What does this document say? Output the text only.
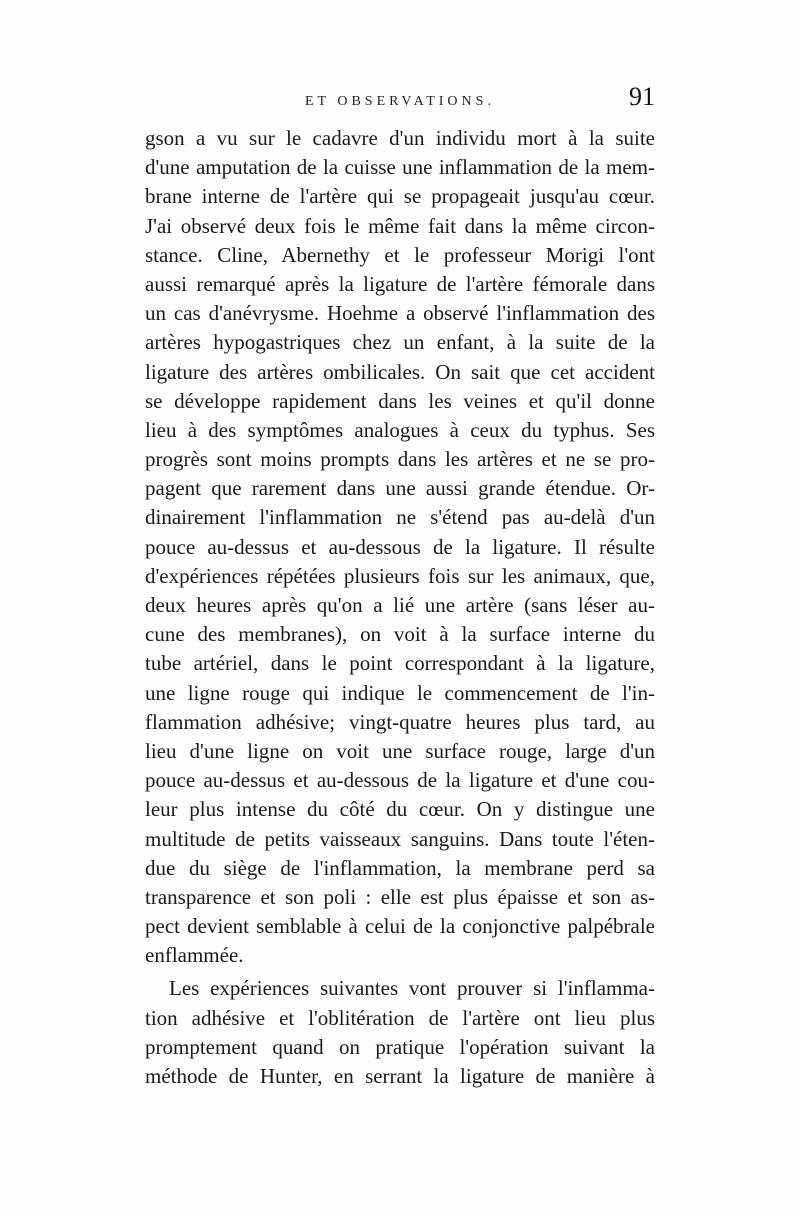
ET OBSERVATIONS.	91

gson a vu sur le cadavre d'un individu mort à la suite
d'une amputation de la cuisse une inflammation de la mem-
brane interne de l'artère qui se propageait jusqu'au cœur.
J'ai observé deux fois le même fait dans la même circon-
stance. Cline, Abernethy et le professeur Morigi l'ont
aussi remarqué après la ligature de l'artère fémorale dans
un cas d'anévrysme. Hoehme a observé l'inflammation des
artères hypogastriques chez un enfant, à la suite de la
ligature des artères ombilicales. On sait que cet accident
se développe rapidement dans les veines et qu'il donne
lieu à des symptômes analogues à ceux du typhus. Ses
progrès sont moins prompts dans les artères et ne se pro-
pagent que rarement dans une aussi grande étendue. Or-
dinairement l'inflammation ne s'étend pas au-delà d'un
pouce au-dessus et au-dessous de la ligature. Il résulte
d'expériences répétées plusieurs fois sur les animaux, que,
deux heures après qu'on a lié une artère (sans léser au-
cune des membranes), on voit à la surface interne du
tube artériel, dans le point correspondant à la ligature,
une ligne rouge qui indique le commencement de l'in-
flammation adhésive; vingt-quatre heures plus tard, au
lieu d'une ligne on voit une surface rouge, large d'un
pouce au-dessus et au-dessous de la ligature et d'une cou-
leur plus intense du côté du cœur. On y distingue une
multitude de petits vaisseaux sanguins. Dans toute l'éten-
due du siège de l'inflammation, la membrane perd sa
transparence et son poli : elle est plus épaisse et son as-
pect devient semblable à celui de la conjonctive palpébrale
enflammée.

Les expériences suivantes vont prouver si l'inflamma-
tion adhésive et l'oblitération de l'artère ont lieu plus
promptement quand on pratique l'opération suivant la
méthode de Hunter, en serrant la ligature de manière à
